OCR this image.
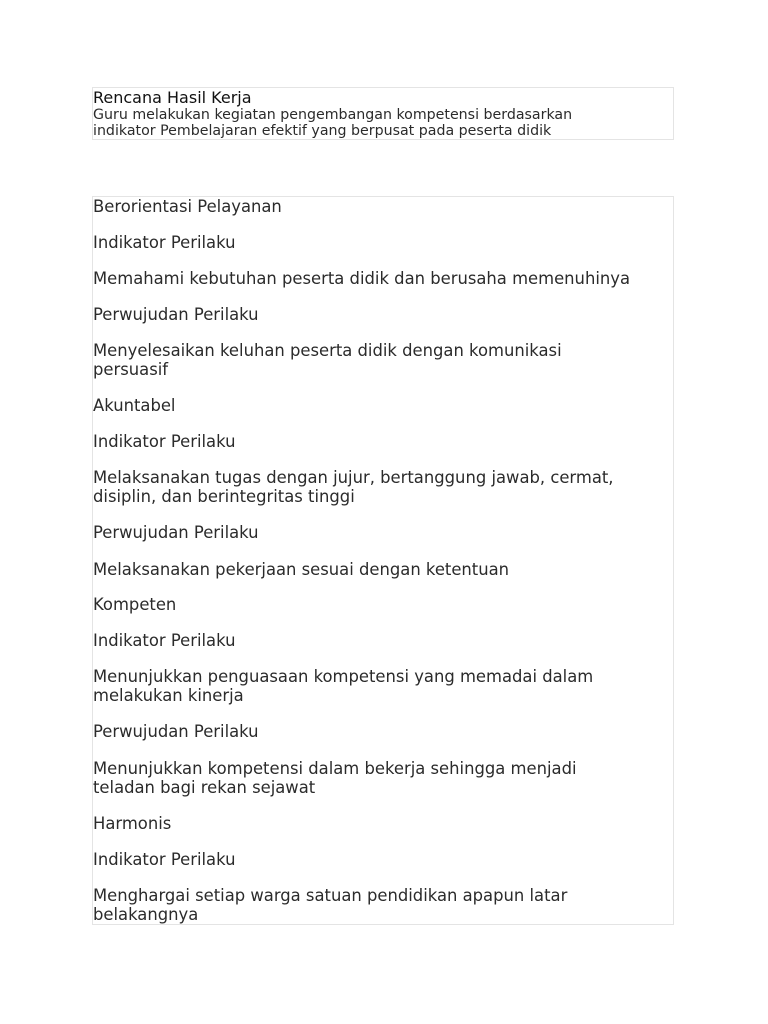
Rencana Hasil Kerja
Guru melakukan kegiatan pengembangan kompetensi berdasarkan
indikator Pembelajaran efektif yang berpusat pada peserta didik
Berorientasi Pelayanan
Indikator Perilaku
Memahami kebutuhan peserta didik dan berusaha memenuhinya
Perwujudan Perilaku
Menyelesaikan keluhan peserta didik dengan komunikasi
persuasif
Akuntabel
Indikator Perilaku
Melaksanakan tugas dengan jujur, bertanggung jawab, cermat,
disiplin, dan berintegritas tinggi
Perwujudan Perilaku
Melaksanakan pekerjaan sesuai dengan ketentuan
Kompeten
Indikator Perilaku
Menunjukkan penguasaan kompetensi yang memadai dalam
melakukan kinerja
Perwujudan Perilaku
Menunjukkan kompetensi dalam bekerja sehingga menjadi
teladan bagi rekan sejawat
Harmonis
Indikator Perilaku
Menghargai setiap warga satuan pendidikan apapun latar
belakangnya
